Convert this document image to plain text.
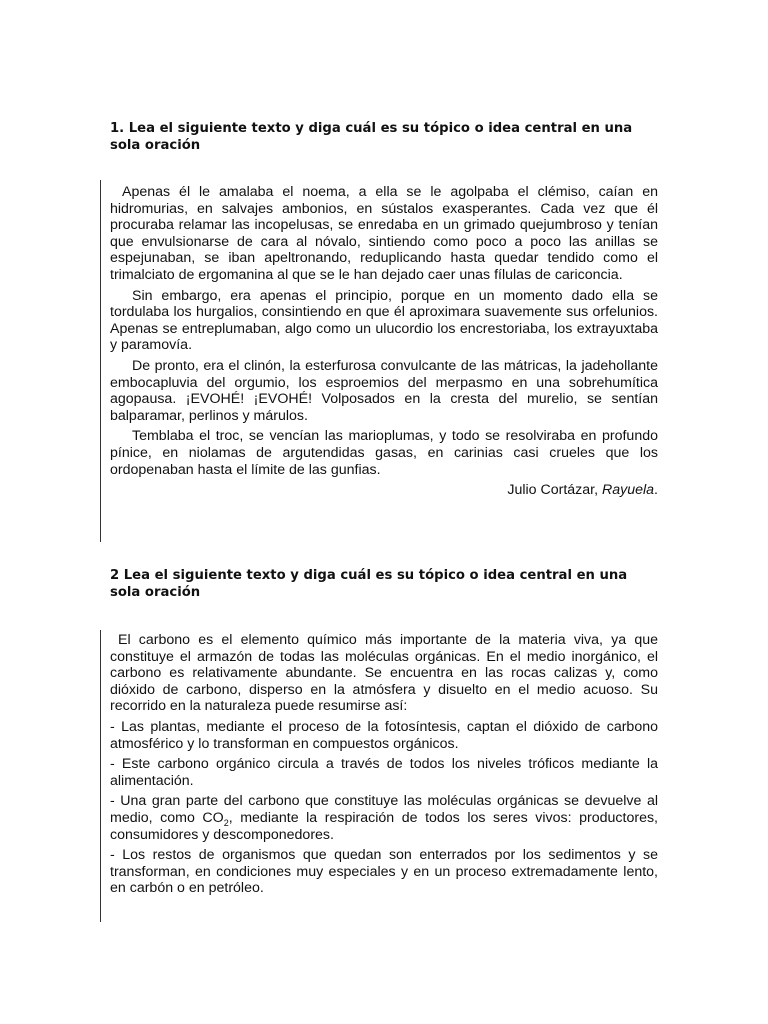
1. Lea el siguiente texto y diga cuál es su tópico o idea central en una sola oración

Apenas él le amalaba el noema, a ella se le agolpaba el clémiso, caían en hidromurias, en salvajes ambonios, en sústalos exasperantes. Cada vez que él procuraba relamar las incopelusas, se enredaba en un grimado quejumbroso y tenían que envulsionarse de cara al nóvalo, sintiendo como poco a poco las anillas se espejunaban, se iban apeltronando, reduplicando hasta quedar tendido como el trimalciato de ergomanina al que se le han dejado caer unas fílulas de cariconcia.

Sin embargo, era apenas el principio, porque en un momento dado ella se tordulaba los hurgalios, consintiendo en que él aproximara suavemente sus orfelunios. Apenas se entreplumaban, algo como un ulucordio los encrestoriaba, los extrayuxtaba y paramovía.

De pronto, era el clinón, la esterfurosa convulcante de las mátricas, la jadehollante embocapluvia del orgumio, los esproemios del merpasmo en una sobrehumítica agopausa. ¡EVOHÉ! ¡EVOHÉ! Volposados en la cresta del murelio, se sentían balparamar, perlinos y márulos.

Temblaba el troc, se vencían las marioplumas, y todo se resolviraba en profundo pínice, en niolamas de argutendidas gasas, en carinias casi crueles que los ordopenaban hasta el límite de las gunfias.

Julio Cortázar, Rayuela.

2 Lea el siguiente texto y diga cuál es su tópico o idea central en una sola oración

El carbono es el elemento químico más importante de la materia viva, ya que constituye el armazón de todas las moléculas orgánicas. En el medio inorgánico, el carbono es relativamente abundante. Se encuentra en las rocas calizas y, como dióxido de carbono, disperso en la atmósfera y disuelto en el medio acuoso. Su recorrido en la naturaleza puede resumirse así:

- Las plantas, mediante el proceso de la fotosíntesis, captan el dióxido de carbono atmosférico y lo transforman en compuestos orgánicos.

- Este carbono orgánico circula a través de todos los niveles tróficos mediante la alimentación.

- Una gran parte del carbono que constituye las moléculas orgánicas se devuelve al medio, como $CO_2$, mediante la respiración de todos los seres vivos: productores, consumidores y descomponedores.

- Los restos de organismos que quedan son enterrados por los sedimentos y se transforman, en condiciones muy especiales y en un proceso extremadamente lento, en carbón o en petróleo.
